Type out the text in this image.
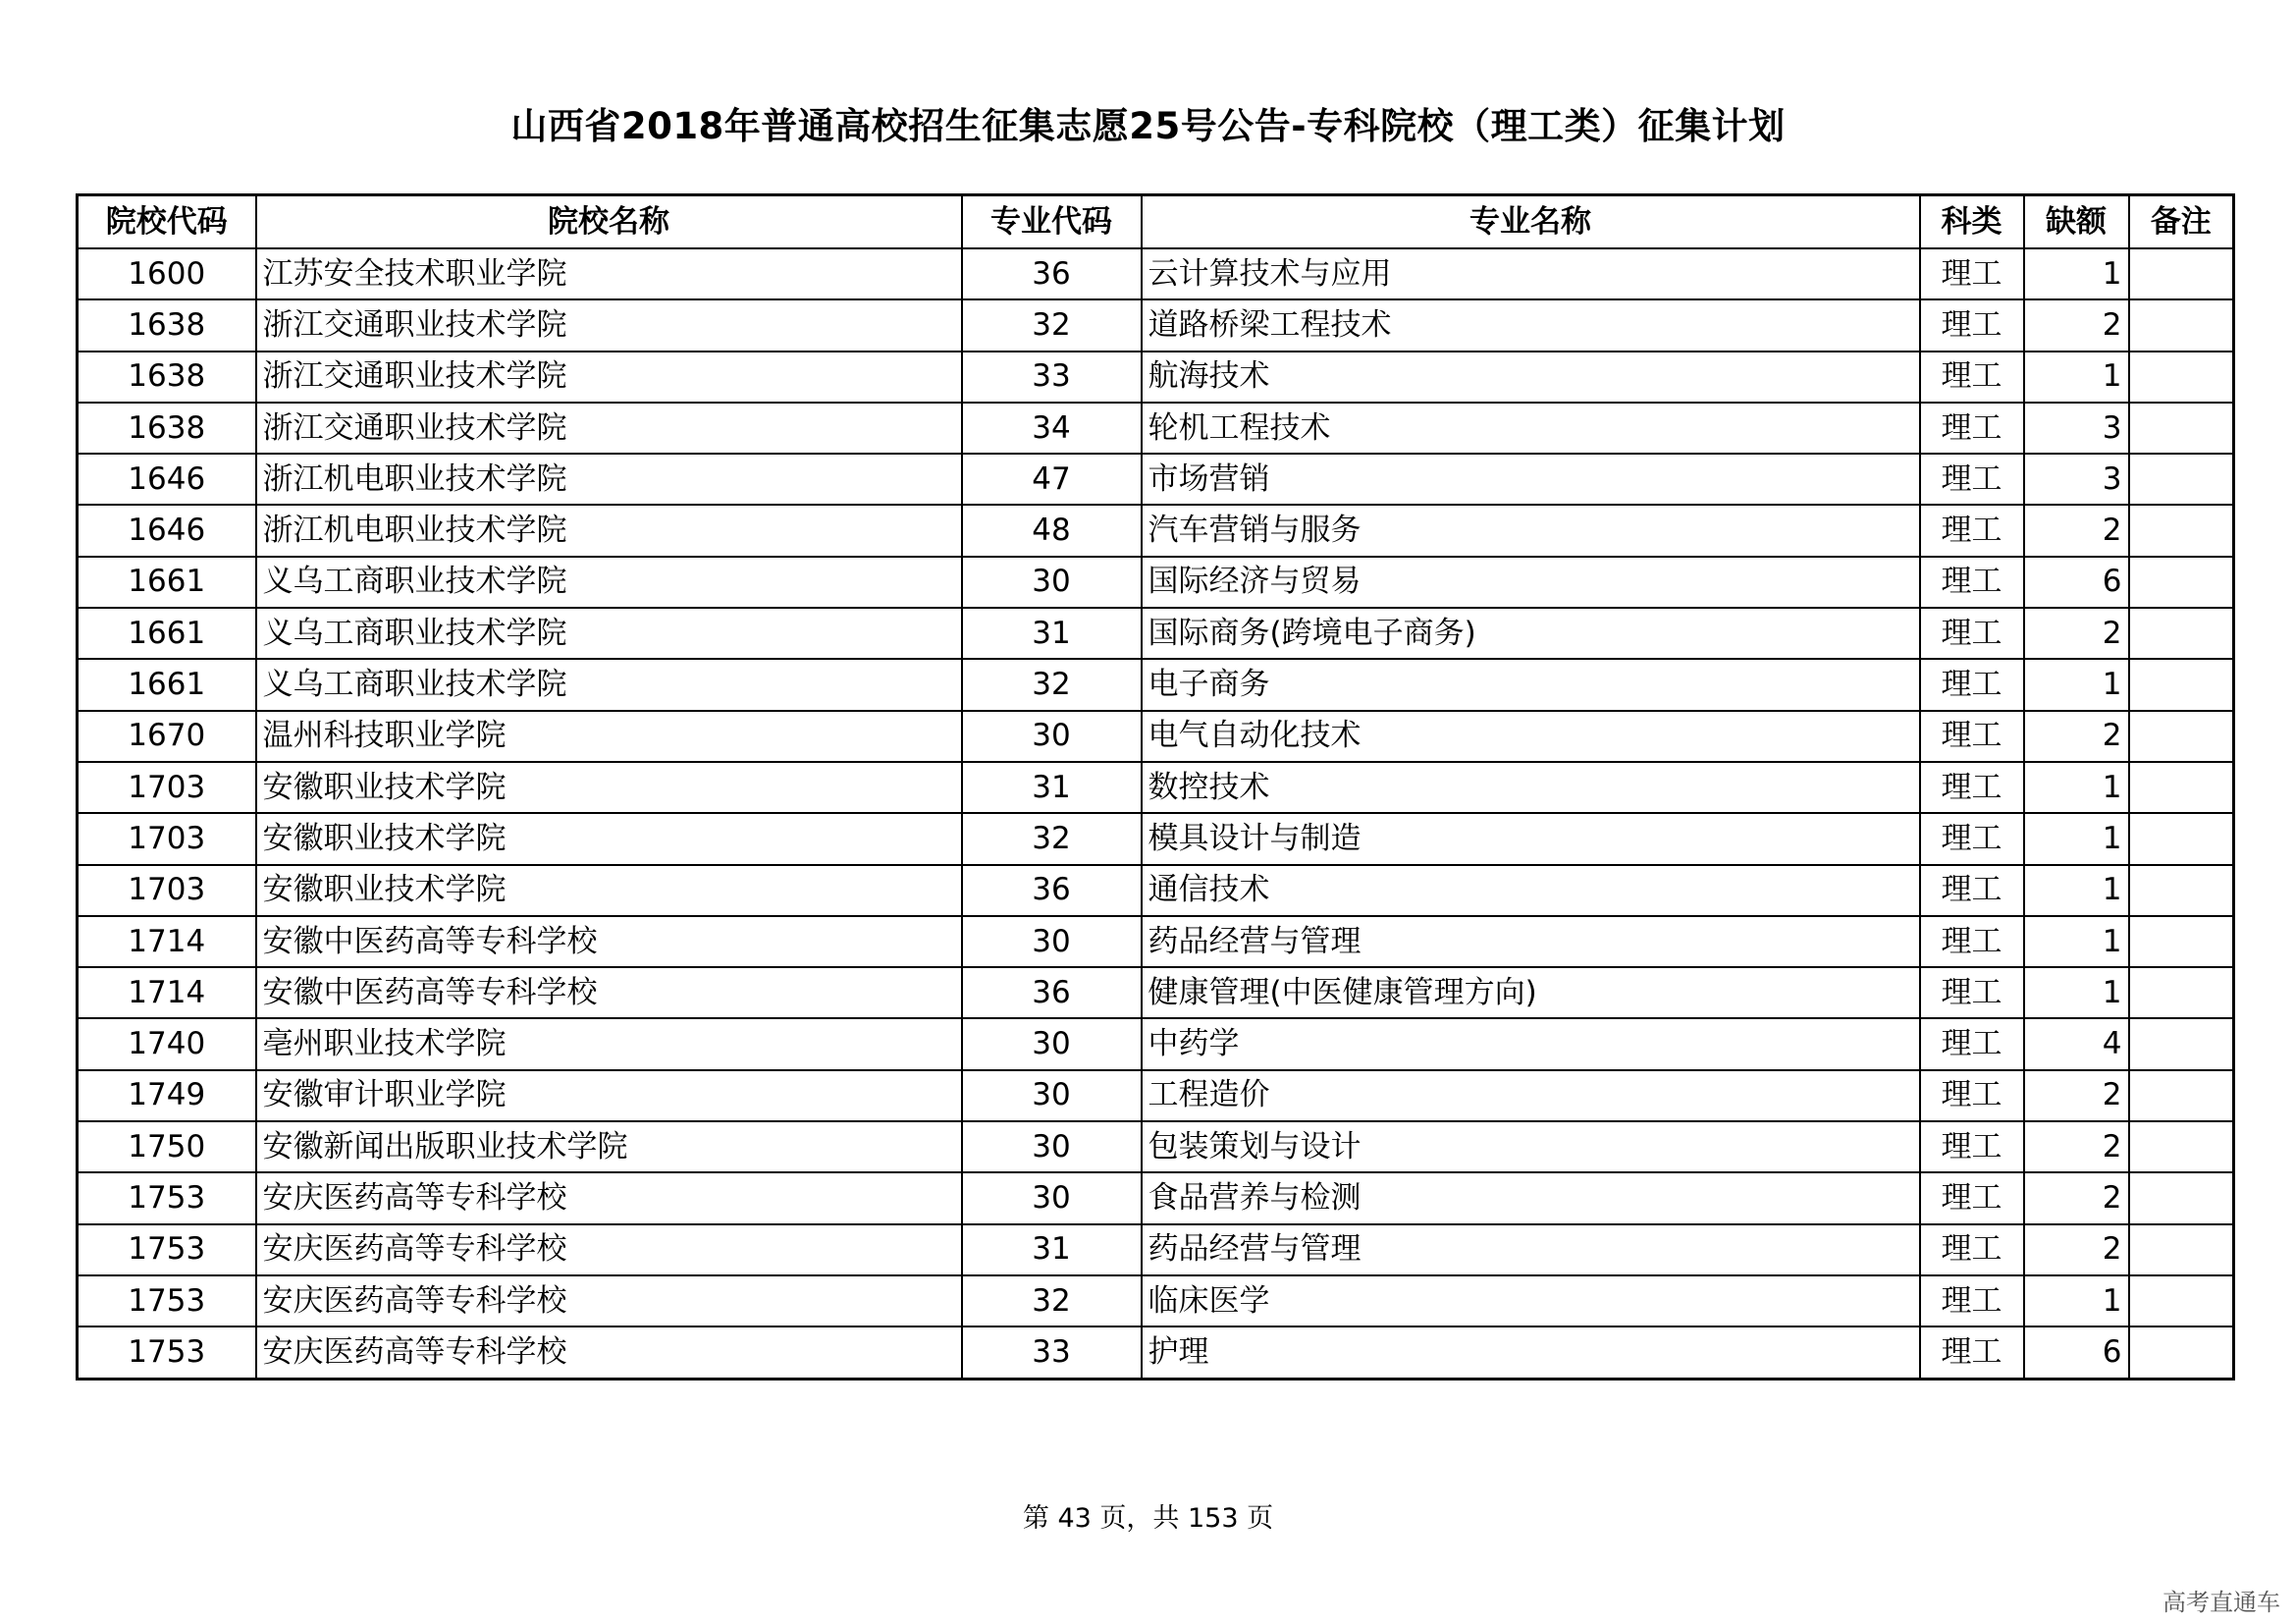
山西省2018年普通高校招生征集志愿25号公告-专科院校（理工类）征集计划
院校代码	院校名称	专业代码	专业名称	科类	缺额	备注
1600	江苏安全技术职业学院	36	云计算技术与应用	理工	1	
1638	浙江交通职业技术学院	32	道路桥梁工程技术	理工	2	
1638	浙江交通职业技术学院	33	航海技术	理工	1	
1638	浙江交通职业技术学院	34	轮机工程技术	理工	3	
1646	浙江机电职业技术学院	47	市场营销	理工	3	
1646	浙江机电职业技术学院	48	汽车营销与服务	理工	2	
1661	义乌工商职业技术学院	30	国际经济与贸易	理工	6	
1661	义乌工商职业技术学院	31	国际商务(跨境电子商务)	理工	2	
1661	义乌工商职业技术学院	32	电子商务	理工	1	
1670	温州科技职业学院	30	电气自动化技术	理工	2	
1703	安徽职业技术学院	31	数控技术	理工	1	
1703	安徽职业技术学院	32	模具设计与制造	理工	1	
1703	安徽职业技术学院	36	通信技术	理工	1	
1714	安徽中医药高等专科学校	30	药品经营与管理	理工	1	
1714	安徽中医药高等专科学校	36	健康管理(中医健康管理方向)	理工	1	
1740	亳州职业技术学院	30	中药学	理工	4	
1749	安徽审计职业学院	30	工程造价	理工	2	
1750	安徽新闻出版职业技术学院	30	包装策划与设计	理工	2	
1753	安庆医药高等专科学校	30	食品营养与检测	理工	2	
1753	安庆医药高等专科学校	31	药品经营与管理	理工	2	
1753	安庆医药高等专科学校	32	临床医学	理工	1	
1753	安庆医药高等专科学校	33	护理	理工	6	
第 43 页，共 153 页
高考直通车
